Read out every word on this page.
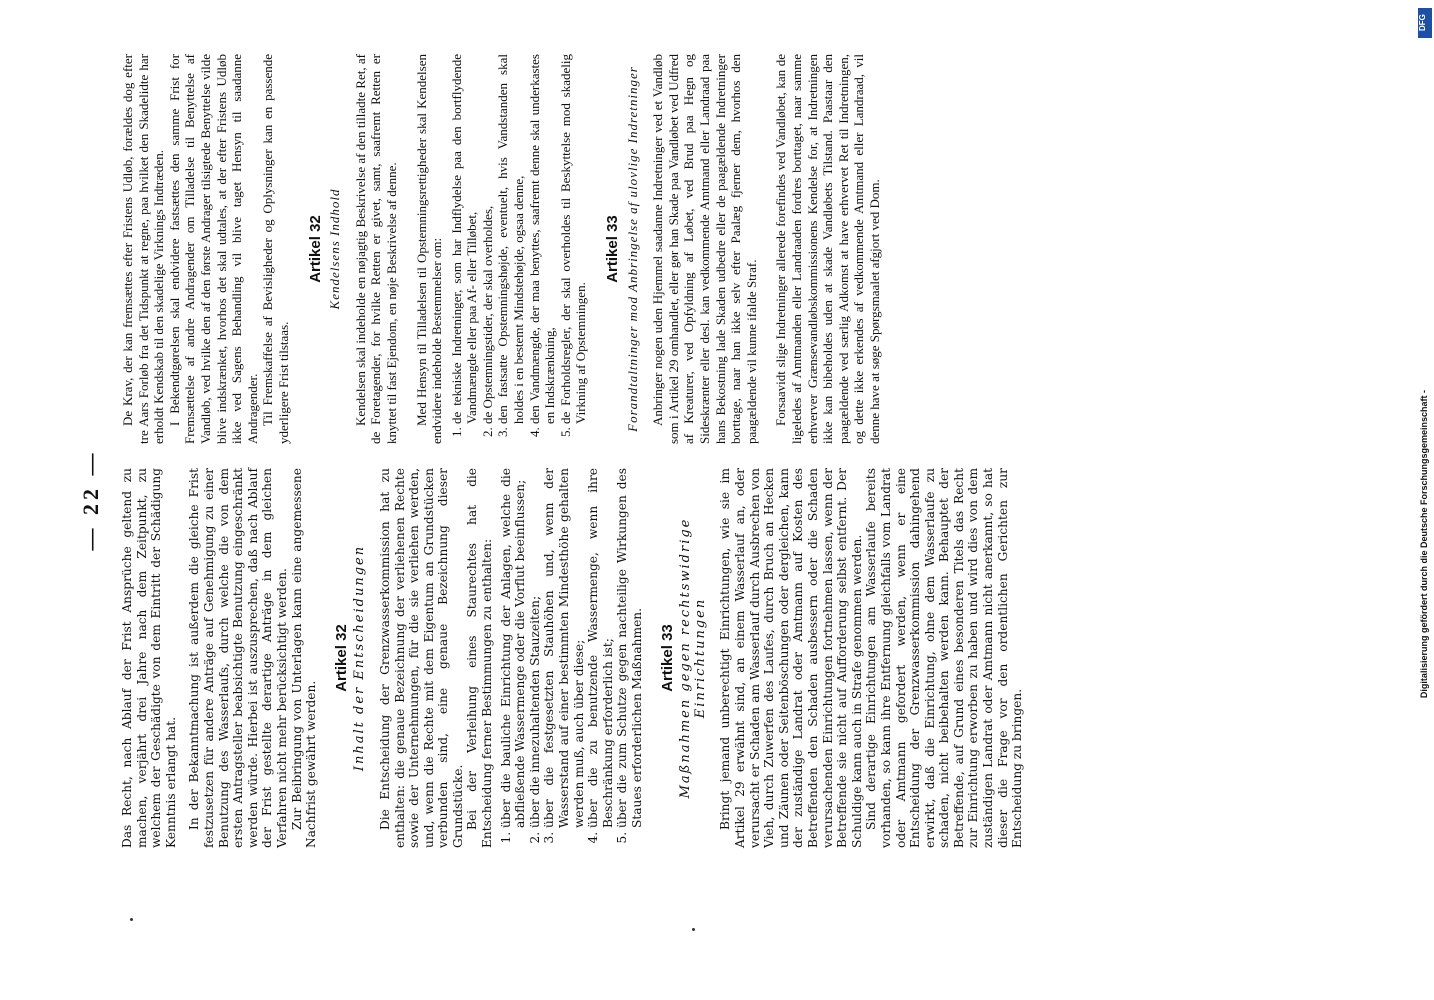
— 22 — Das Recht, nach Ablauf der Frist Ansprüche geltend zu machen, verjährt drei Jahre nach dem Zeitpunkt, zu welchem der Geschädigte von dem Eintritt der Schädigung Kenntnis erlangt hat. In der Bekanntmachung ist außerdem die gleiche Frist festzusetzen für andere Anträge auf Genehmigung zu einer Benutzung des Wasserlaufs, durch welche die von dem ersten Antragsteller beabsichtigte Benutzung eingeschränkt werden würde. Hierbei ist auszusprechen, daß nach Ablauf der Frist gestellte derartige Anträge in dem gleichen Verfahren nicht mehr berücksichtigt werden. Zur Beibringung von Unterlagen kann eine angemessene Nachfrist gewährt werden.

Artikel 32 Inhalt der Entscheidungen Die Entscheidung der Grenzwasserkommission hat zu enthalten: die genaue Bezeichnung der verliehenen Rechte sowie der Unternehmungen, für die sie verliehen werden, und, wenn die Rechte mit dem Eigentum an Grundstücken verbunden sind, eine genaue Bezeichnung dieser Grundstücke. Bei der Verleihung eines Staurechtes hat die Entscheidung ferner Bestimmungen zu enthalten: 1. über die bauliche Einrichtung der Anlagen, welche die abfließende Wassermenge oder die Vorflut beeinflussen; 2. über die innezuhaltenden Stauzeiten; 3. über die festgesetzten Stauhöhen und, wenn der Wasserstand auf einer bestimmten Mindesthöhe gehalten werden muß, auch über diese; 4. über die zu benutzende Wassermenge, wenn ihre Beschränkung erforderlich ist; 5. über die zum Schutze gegen nachteilige Wirkungen des Staues erforderlichen Maßnahmen. Artikel 33 Maßnahmen gegen rechtswidrige Einrichtungen Bringt jemand unberechtigt Einrichtungen, wie sie im Artikel 29 erwähnt sind, an einem Wasserlauf an, oder verursacht er Schaden am Wasserlauf durch Ausbrechen von Vieh, durch Zuwerfen des Laufes, durch Bruch an Hecken und Zäunen oder Seitenböschungen oder dergleichen, kann der zuständige Landrat oder Amtmann auf Kosten des Betreffenden den Schaden ausbessern oder die Schaden verursachenden Einrichtungen fortnehmen lassen, wenn der Betreffende sie nicht auf Aufforderung selbst entfernt. Der Schuldige kann auch in Strafe genommen werden. Sind derartige Einrichtungen am Wasserlaufe bereits vorhanden, so kann ihre Entfernung gleichfalls vom Landrat oder Amtmann gefordert werden, wenn er eine Entscheidung der Grenzwasserkommission dahingehend erwirkt, daß die Einrichtung, ohne dem Wasserlaufe zu schaden, nicht beibehalten werden kann. Behauptet der Betreffende, auf Grund eines besonderen Titels das Recht zur Einrichtung erworben zu haben und wird dies von dem zuständigen Landrat oder Amtmann nicht anerkannt, so hat dieser die Frage vor den ordentlichen Gerichten zur Entscheidung zu bringen.

De Krav, der kan fremsættes efter Fristens Udløb, forældes dog efter tre Aars Forløb fra det Tidspunkt at regne, paa hvilket den Skadelidte har erholdt Kendskab til den skadelige Virknings Indtræden. I Bekendtgørelsen skal endvidere fastsættes den samme Frist for Fremsættelse af andre Andragender om Tilladelse til Benyttelse af Vandløb, ved hvilke den af den første Andrager tilsigtede Benyttelse vilde blive indskrænket, hvorhos det skal udtales, at der efter Fristens Udløb ikke ved Sagens Behandling vil blive taget Hensyn til saadanne Andragender. Til Fremskaffelse af Bevisligheder og Oplysninger kan en passende yderligere Frist tilstaas.

Artikel 32 Kendelsens Indhold Kendelsen skal indeholde en nøjagtig Beskrivelse af den tilladte Ret, af de Foretagender, for hvilke Retten er givet, samt, saafremt Retten er knyttet til fast Ejendom, en nøje Beskrivelse af denne. Med Hensyn til Tilladelsen til Opstemningsrettigheder skal Kendelsen endvidere indeholde Bestemmelser om: 1. de tekniske Indretninger, som har Indflydelse paa den bortflydende Vandmængde eller paa Af- eller Tilløbet, 2. de Opstemningstider, der skal overholdes, 3. den fastsatte Opstemningshøjde, eventuelt, hvis Vandstanden skal holdes i en bestemt Mindstehøjde, ogsaa denne, 4. den Vandmængde, der maa benyttes, saafremt denne skal underkastes en Indskrænkning, 5. de Forholdsregler, der skal overholdes til Beskyttelse mod skadelig Virkning af Opstemningen.
Artikel 33 Forandtaltninger mod Anbringelse af ulovlige Indretninger Anbringer nogen uden Hjemmel saadanne Indretninger ved et Vandløb som i Artikel 29 omhandlet, eller gør han Skade paa Vandløbet ved Udfred af Kreaturer, ved Opfyldning af Løbet, ved Brud paa Hegn og Sideskrænter eller desl. kan vedkommende Amtmand eller Landraad paa hans Bekostning lade Skaden udbedre eller de paagældende Indretninger borttage, naar han ikke selv efter Paalæg fjerner dem, hvorhos den paagældende vil kunne ifalde Straf. Forsaavidt slige Indretninger allerede forefindes ved Vandløbet, kan de ligeledes af Amtmanden eller Landraaden fordres borttaget, naar samme erhverver Grænsevandløbskommissionens Kendelse for, at Indretningen ikke kan bibeholdes uden at skade Vandløbets Tilstand. Paastaar den paagældende ved særlig Adkomst at have erhvervet Ret til Indretningen, og dette ikke erkendes af vedkommende Amtmand eller Landraad, vil denne have at søge Spørgsmaalet afgjort ved Dom.

DFG
Digitalisierung gefördert durch die Deutsche Forschungsgemeinschaft -
